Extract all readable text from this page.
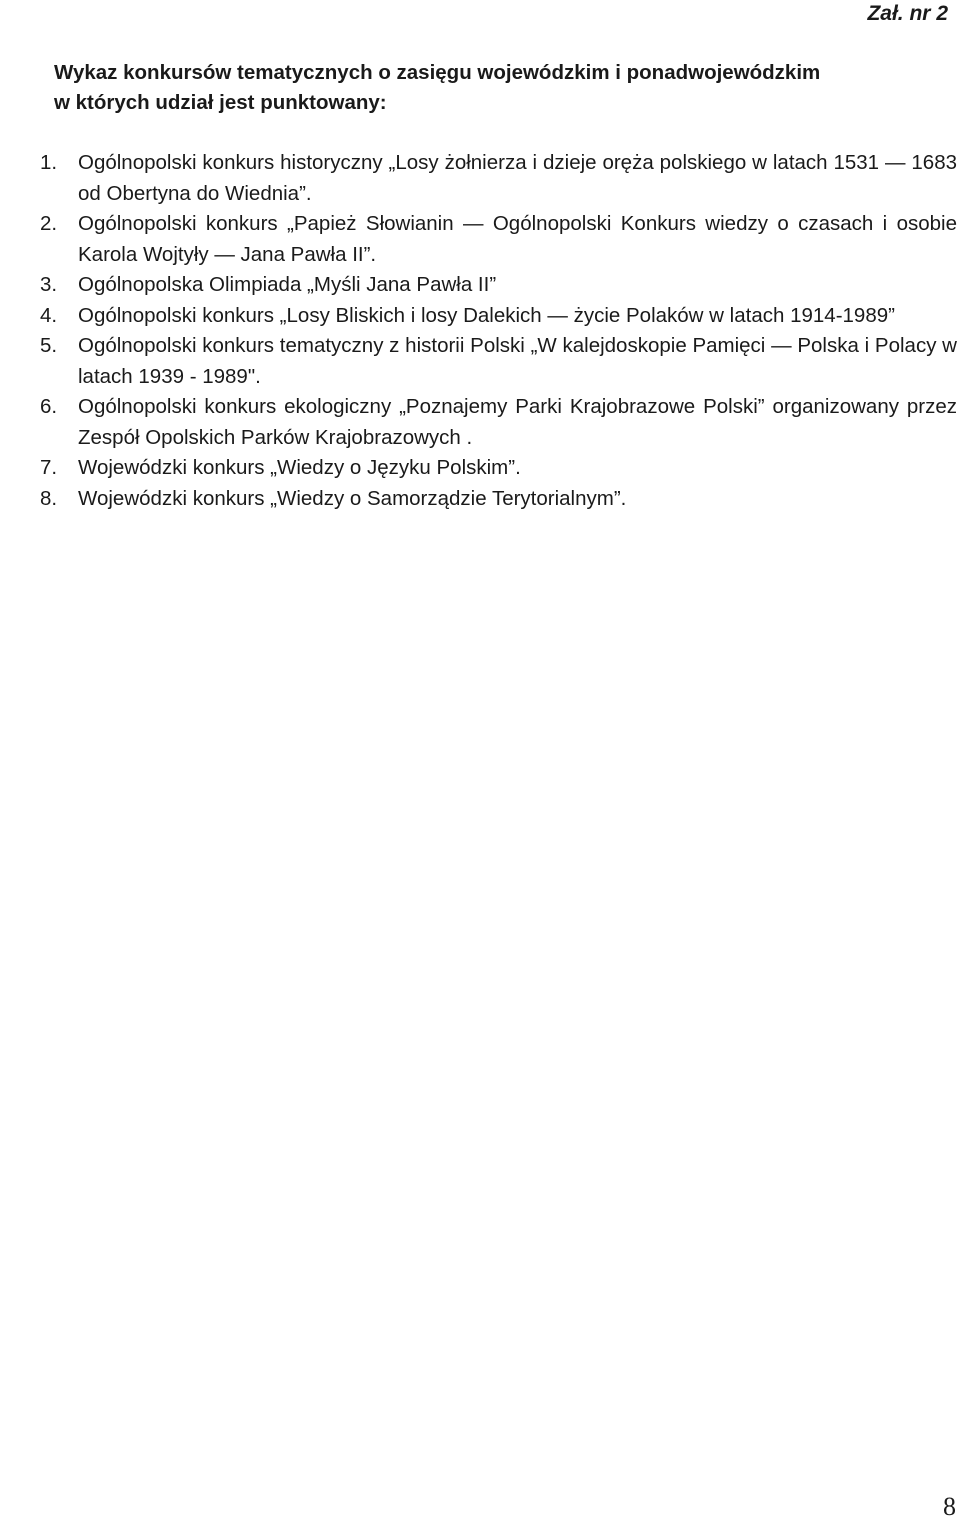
Zał. nr 2

Wykaz konkursów tematycznych o zasięgu wojewódzkim i ponadwojewódzkim
w których udział jest punktowany:
1. Ogólnopolski konkurs historyczny „Losy żołnierza i dzieje oręża polskiego w latach 1531 — 1683 od Obertyna do Wiednia”.
2. Ogólnopolski konkurs „Papież Słowianin — Ogólnopolski Konkurs wiedzy o czasach i osobie Karola Wojtyły — Jana Pawła II”.
3. Ogólnopolska Olimpiada „Myśli Jana Pawła II”
4. Ogólnopolski konkurs „Losy Bliskich i losy Dalekich — życie Polaków w latach 1914-1989”
5. Ogólnopolski konkurs tematyczny z historii Polski „W kalejdoskopie Pamięci — Polska i Polacy w latach 1939 - 1989".
6. Ogólnopolski konkurs ekologiczny „Poznajemy Parki Krajobrazowe Polski” organizowany przez Zespół Opolskich Parków Krajobrazowych .
7. Wojewódzki konkurs „Wiedzy o Języku Polskim”.
8. Wojewódzki konkurs „Wiedzy o Samorządzie Terytorialnym”.

8
